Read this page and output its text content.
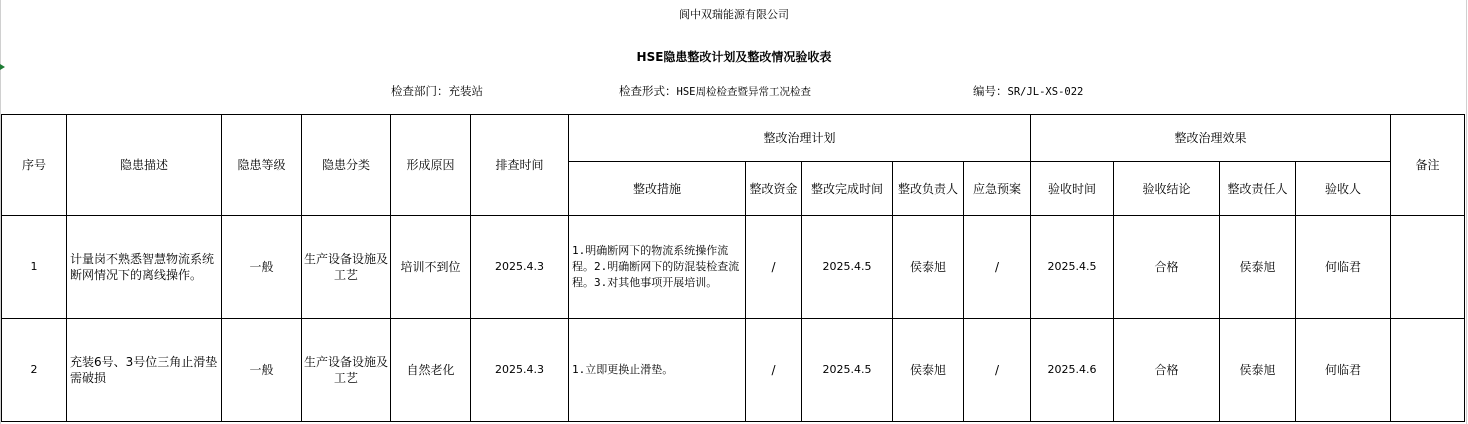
阆中双瑞能源有限公司
HSE隐患整改计划及整改情况验收表
检查部门：充装站	检查形式：HSE周检检查暨异常工况检查	编号：SR/JL-XS-022
序号	隐患描述	隐患等级	隐患分类	形成原因	排查时间	整改治理计划					整改治理效果				备注
						整改措施	整改资金	整改完成时间	整改负责人	应急预案	验收时间	验收结论	整改责任人	验收人	
1	计量岗不熟悉智慧物流系统断网情况下的离线操作。	一般	生产设备设施及工艺	培训不到位	2025.4.3	1.明确断网下的物流系统操作流程。2.明确断网下的防混装检查流程。3.对其他事项开展培训。	/	2025.4.5	侯泰旭	/	2025.4.5	合格	侯泰旭	何临君	
2	充装6号、3号位三角止滑垫需破损	一般	生产设备设施及工艺	自然老化	2025.4.3	1.立即更换止滑垫。	/	2025.4.5	侯泰旭	/	2025.4.6	合格	侯泰旭	何临君	
